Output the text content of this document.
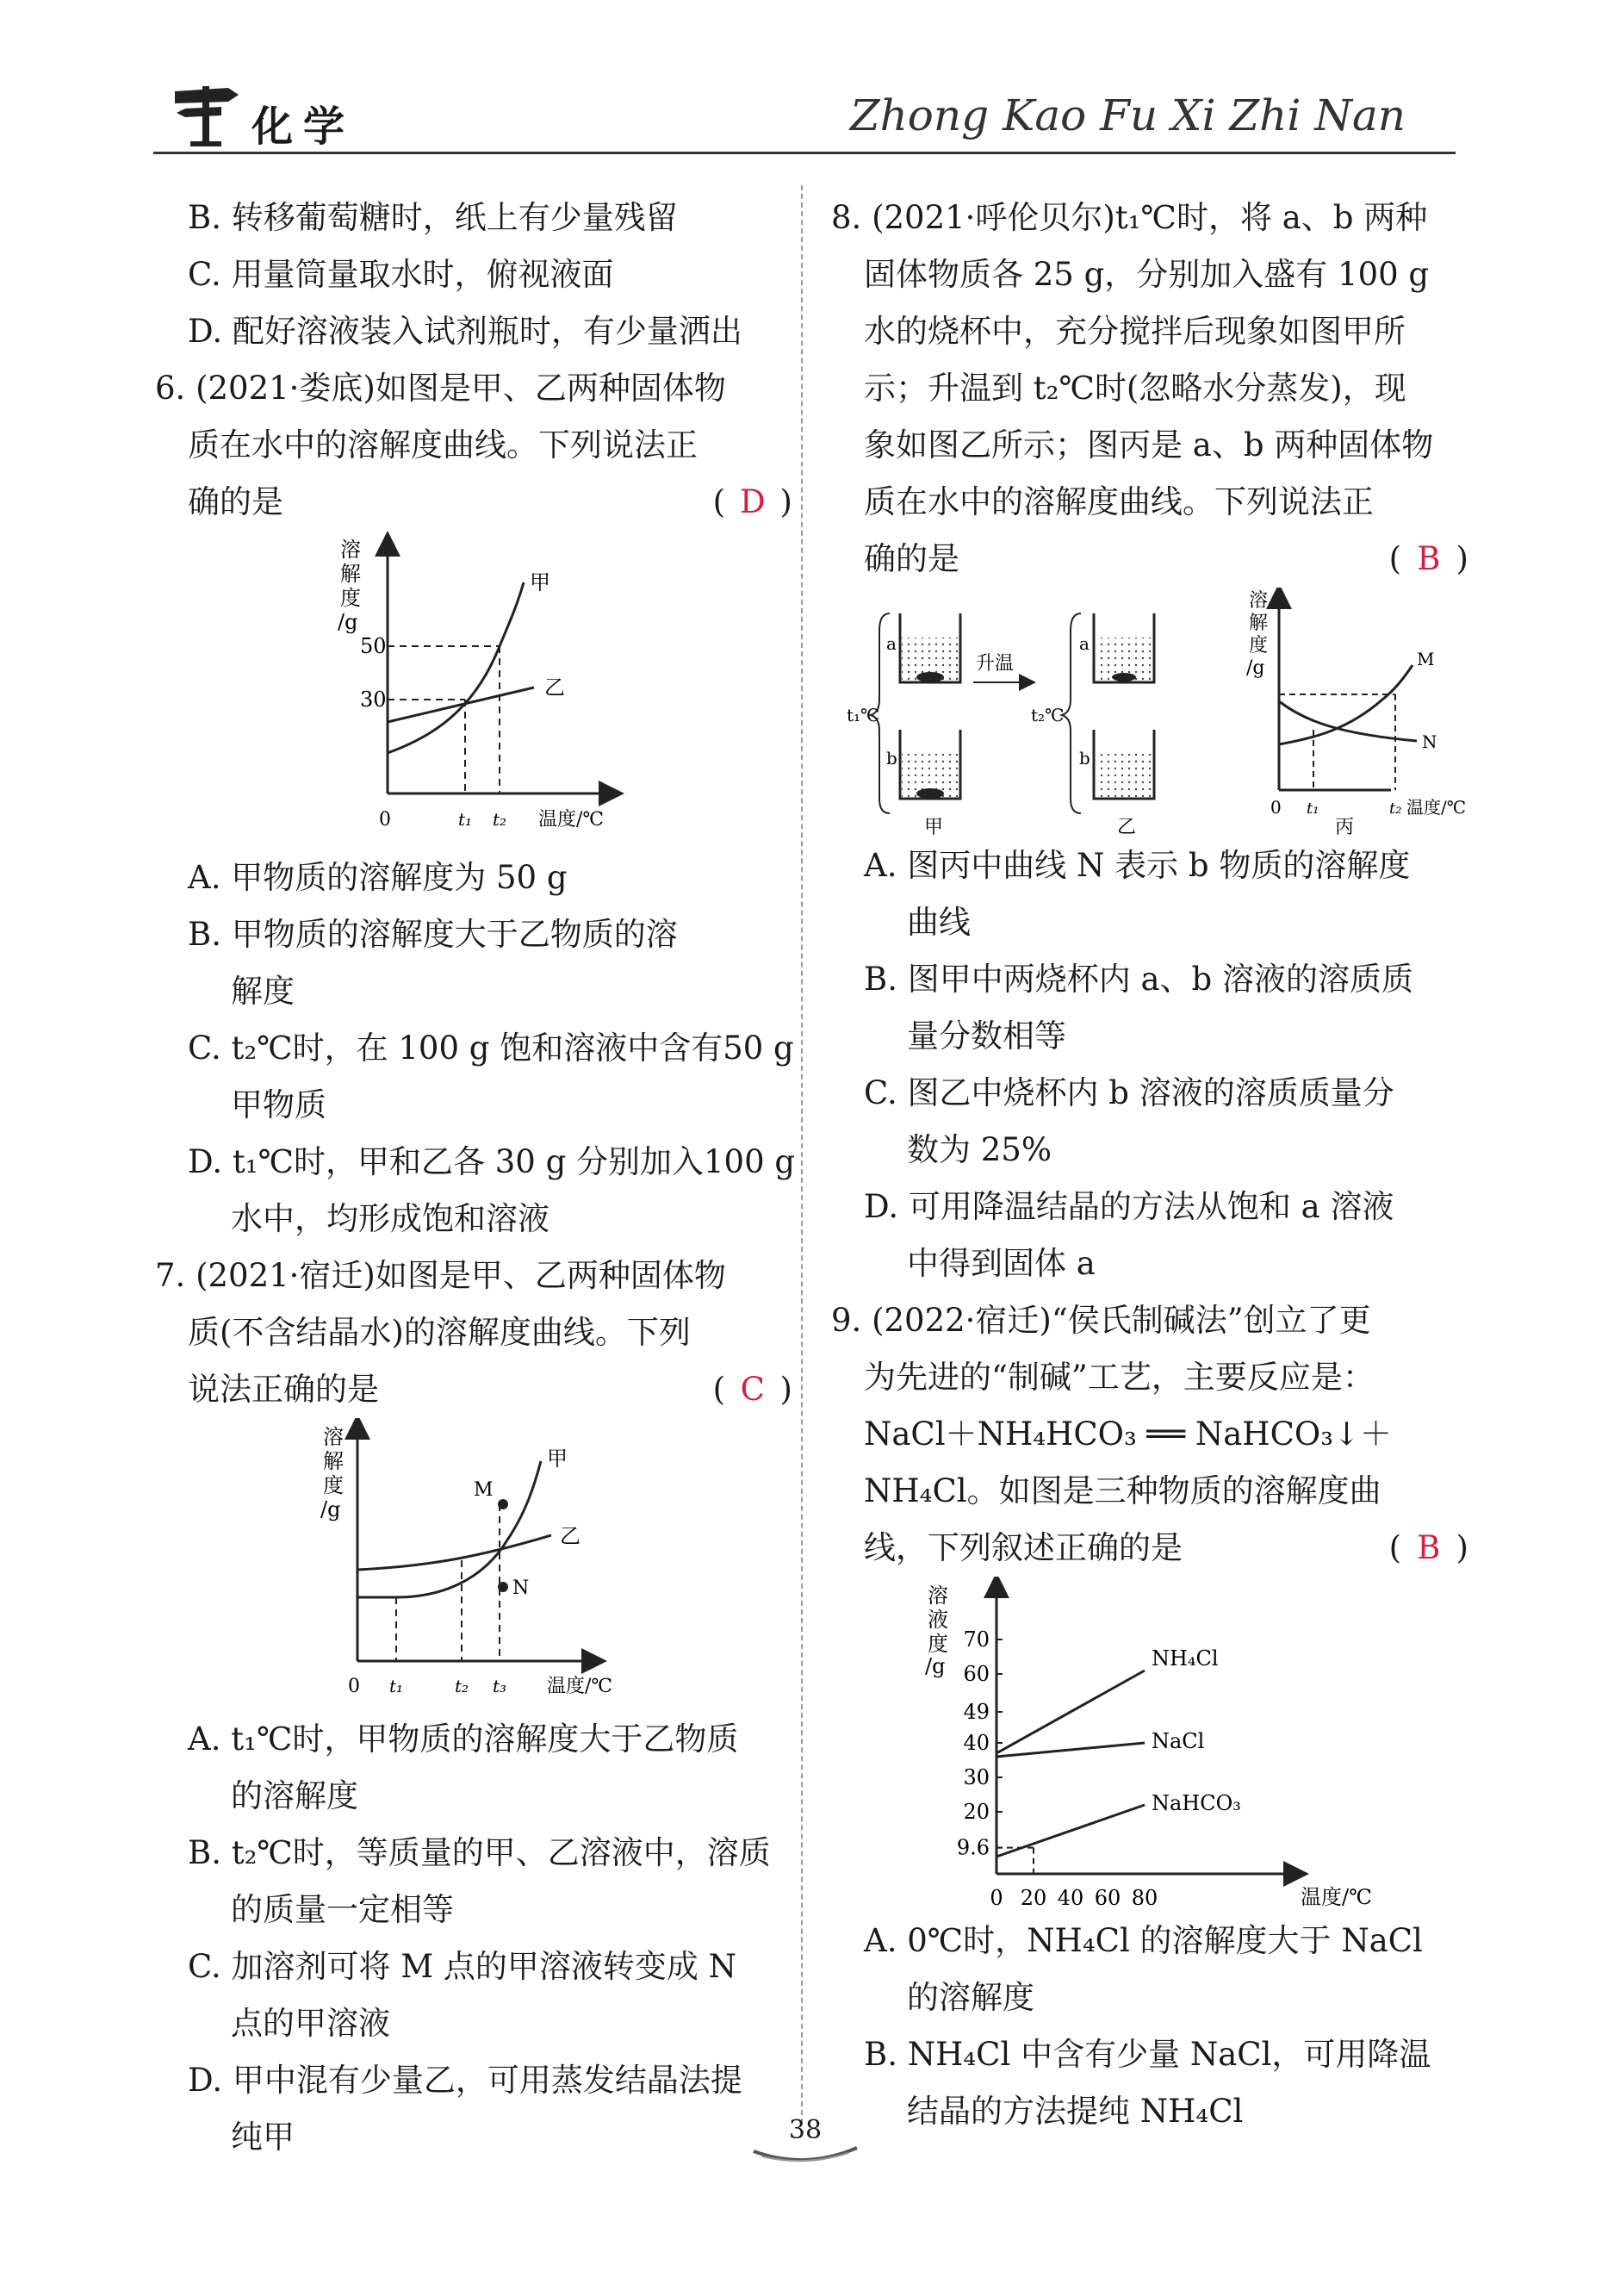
化学	Zhong Kao Fu Xi Zhi Nan
B. 转移葡萄糖时，纸上有少量残留
C. 用量筒量取水时，俯视液面
D. 配好溶液装入试剂瓶时，有少量洒出
6. (2021·娄底)如图是甲、乙两种固体物
质在水中的溶解度曲线。下列说法正
确的是	( D )
溶
解
度
/g
50
30
甲
乙
0	t₁ t₂ 温度/℃
A. 甲物质的溶解度为 50 g
B. 甲物质的溶解度大于乙物质的溶
解度
C. t₂℃时，在 100 g 饱和溶液中含有50 g
甲物质
D. t₁℃时，甲和乙各 30 g 分别加入100 g
水中，均形成饱和溶液
7. (2021·宿迁)如图是甲、乙两种固体物
质(不含结晶水)的溶解度曲线。下列
说法正确的是	( C )
溶
解
度
/g
M
N
甲
乙
0 t₁	t₂ t₃ 温度/℃
A. t₁℃时，甲物质的溶解度大于乙物质
的溶解度
B. t₂℃时，等质量的甲、乙溶液中，溶质
的质量一定相等
C. 加溶剂可将 M 点的甲溶液转变成 N
点的甲溶液
D. 甲中混有少量乙，可用蒸发结晶法提
纯甲
8. (2021·呼伦贝尔)t₁℃时，将 a、b 两种
固体物质各 25 g，分别加入盛有 100 g
水的烧杯中，充分搅拌后现象如图甲所
示；升温到 t₂℃时(忽略水分蒸发)，现
象如图乙所示；图丙是 a、b 两种固体物
质在水中的溶解度曲线。下列说法正
确的是	( B )
t₁℃
a
b
升温
t₂℃
a
b
甲	乙
溶
解
度
/g	M
N
0 t₁	t₂ 温度/℃
丙
A. 图丙中曲线 N 表示 b 物质的溶解度
曲线
B. 图甲中两烧杯内 a、b 溶液的溶质质
量分数相等
C. 图乙中烧杯内 b 溶液的溶质质量分
数为 25%
D. 可用降温结晶的方法从饱和 a 溶液
中得到固体 a
9. (2022·宿迁)“侯氏制碱法”创立了更
为先进的“制碱”工艺，主要反应是：
NaCl＋NH₄HCO₃ ══ NaHCO₃↓＋
NH₄Cl。如图是三种物质的溶解度曲
线，下列叙述正确的是	( B )
溶
液
度
/g
70
60
49
40
30
20
9.6
0 20 40 60 80
NH₄Cl
NaCl
NaHCO₃
温度/℃
A. 0℃时，NH₄Cl 的溶解度大于 NaCl
的溶解度
B. NH₄Cl 中含有少量 NaCl，可用降温
结晶的方法提纯 NH₄Cl
38
